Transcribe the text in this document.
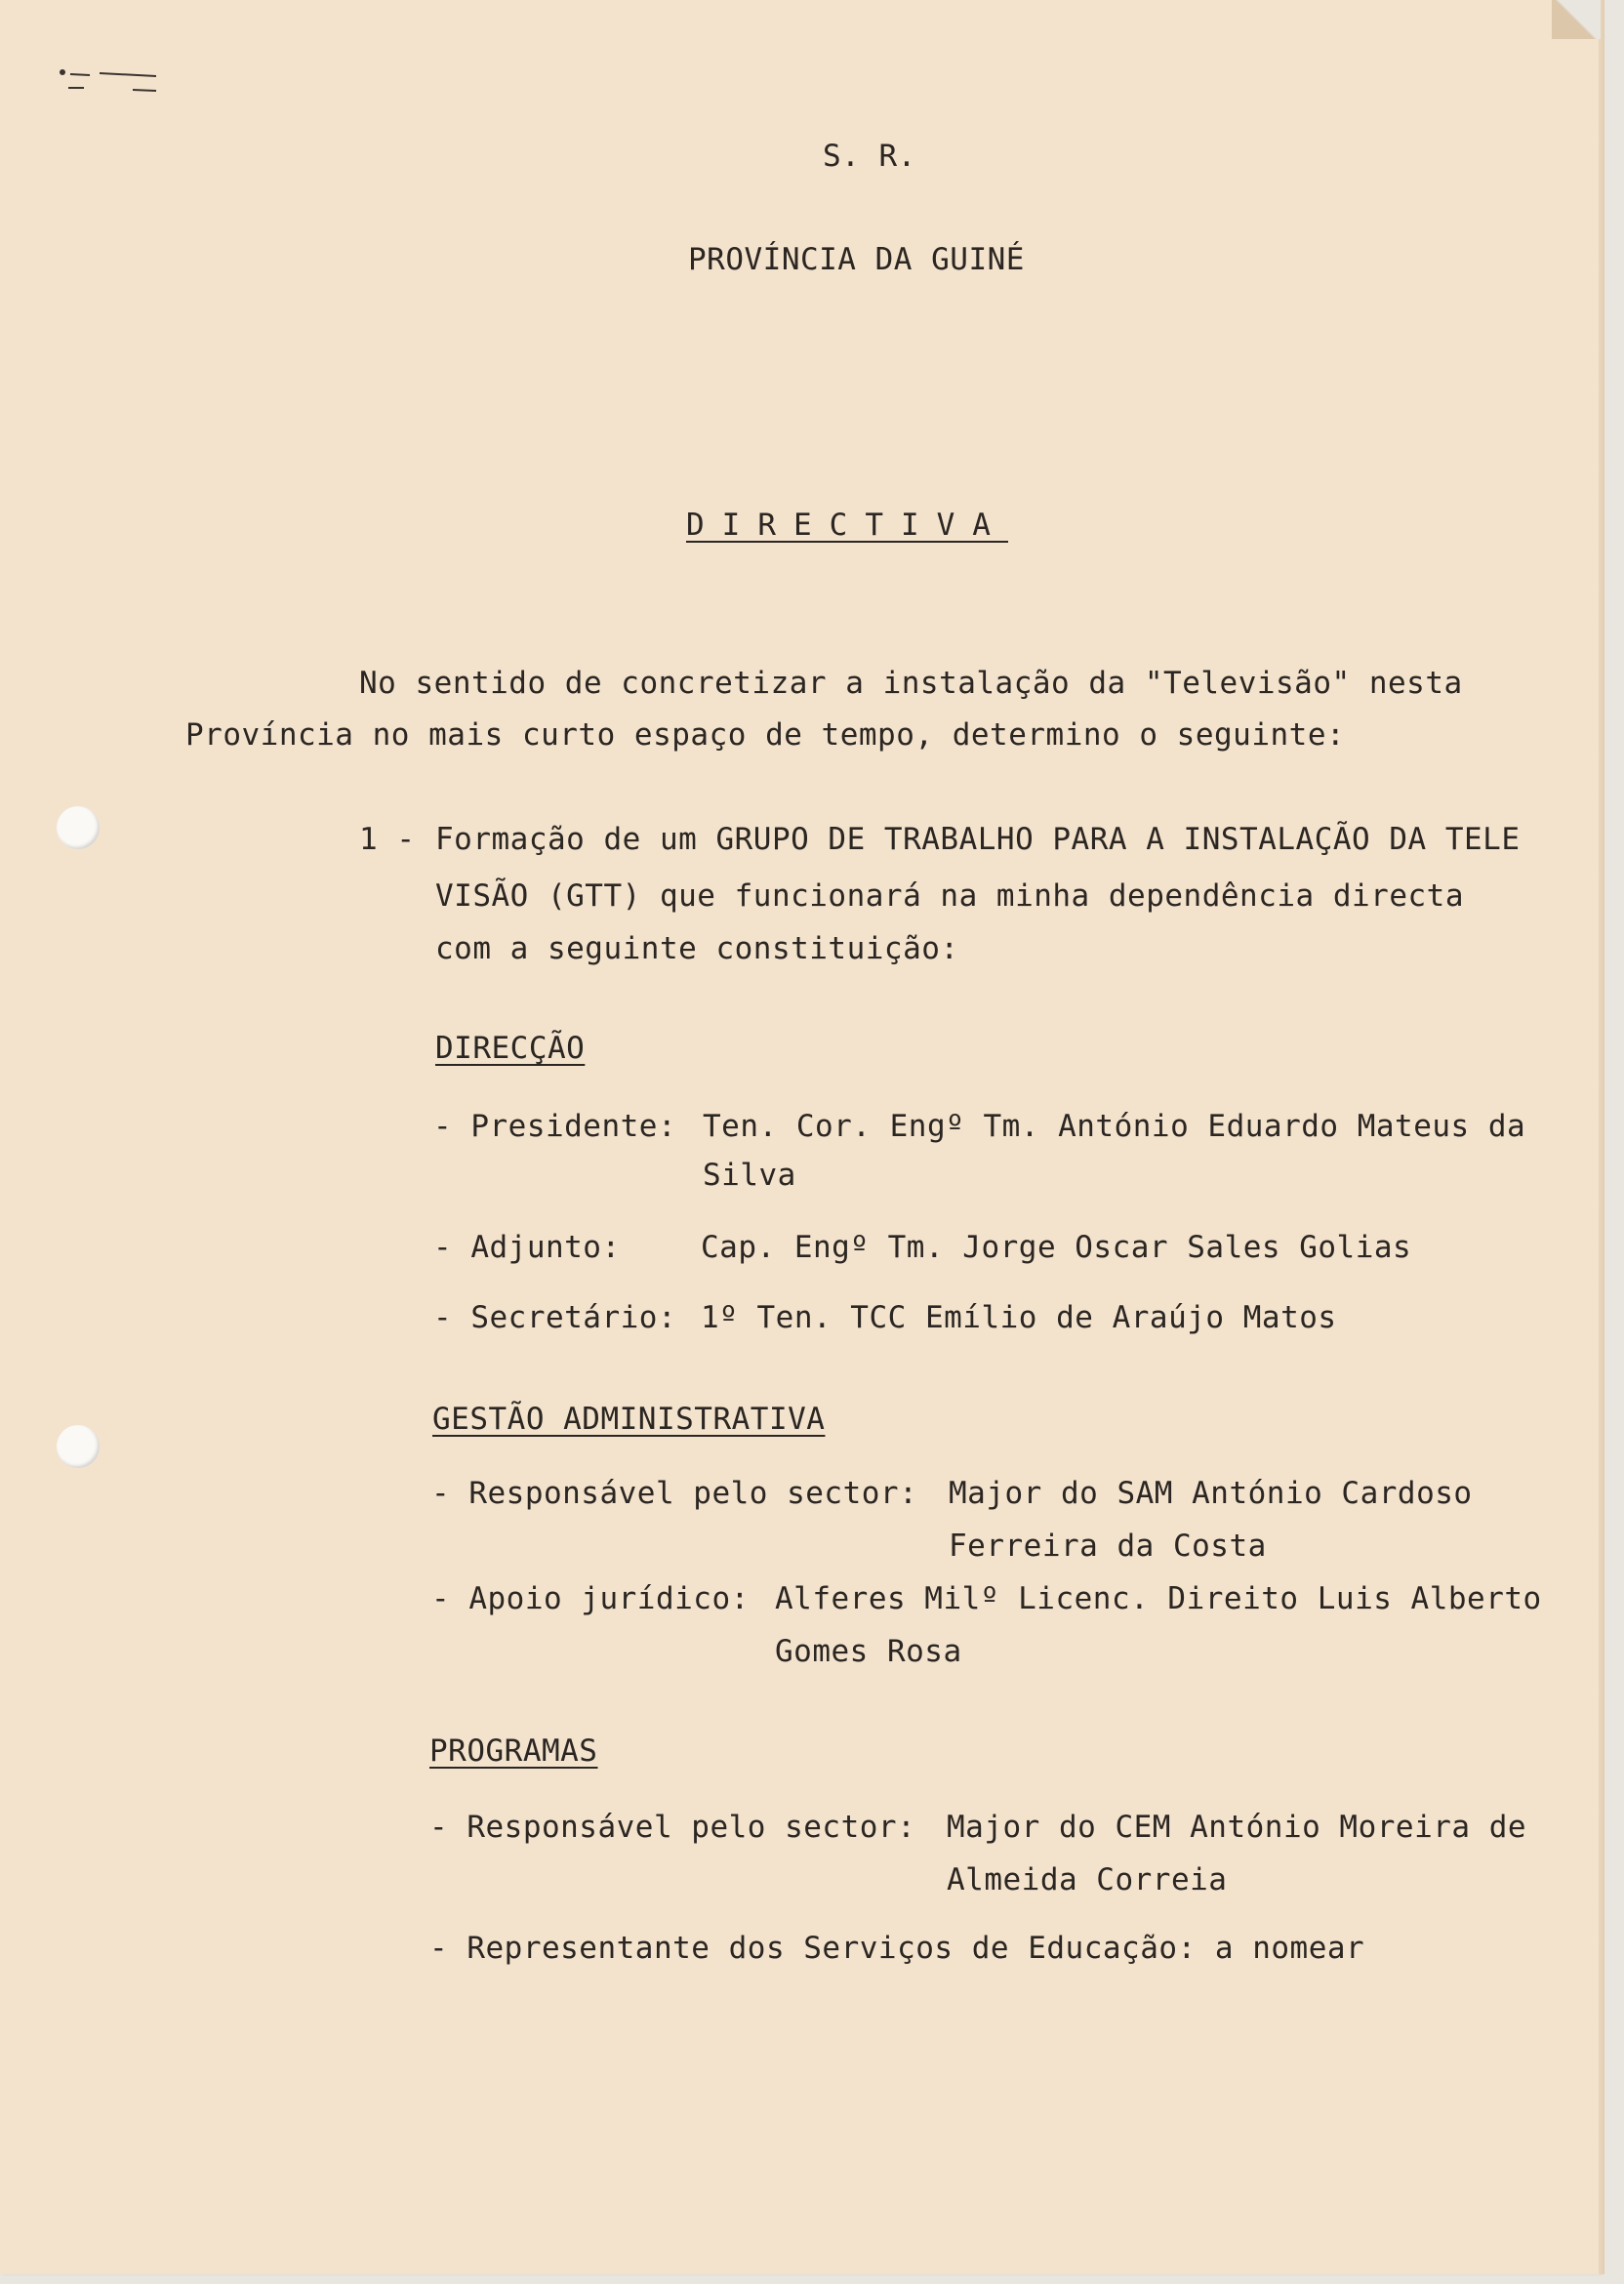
S. R.
PROVÍNCIA DA GUINÉ
DIRECTIVA
No sentido de concretizar a instalação da "Televisão" nesta
Província no mais curto espaço de tempo, determino o seguinte:
1 - Formação de um GRUPO DE TRABALHO PARA A INSTALAÇÃO DA TELE
VISÃO (GTT) que funcionará na minha dependência directa
com a seguinte constituição:
DIRECÇÃO
- Presidente: Ten. Cor. Engº Tm. António Eduardo Mateus da
Silva
- Adjunto:	Cap. Engº Tm. Jorge Oscar Sales Golias
- Secretário: 1º Ten. TCC Emílio de Araújo Matos
GESTÃO ADMINISTRATIVA
- Responsável pelo sector: Major do SAM António Cardoso
Ferreira da Costa
- Apoio jurídico: Alferes Milº Licenc. Direito Luis Alberto
Gomes Rosa
PROGRAMAS
- Responsável pelo sector: Major do CEM António Moreira de
Almeida Correia
- Representante dos Serviços de Educação: a nomear
